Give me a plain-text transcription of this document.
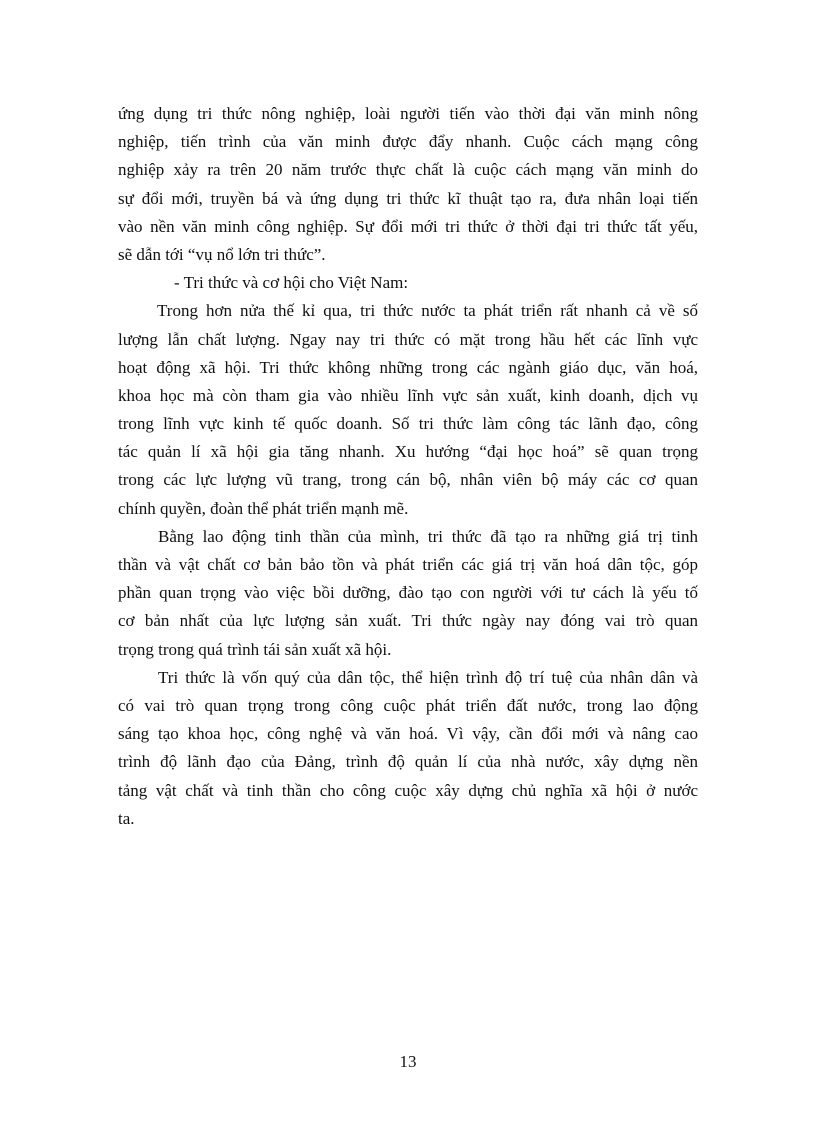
ứng dụng tri thức nông nghiệp, loài người tiến vào thời đại văn minh nông
nghiệp, tiến trình của văn minh được đẩy nhanh. Cuộc cách mạng công
nghiệp xảy ra trên 20 năm trước thực chất là cuộc cách mạng văn minh do
sự đổi mới, truyền bá và ứng dụng tri thức kĩ thuật tạo ra, đưa nhân loại tiến
vào nền văn minh công nghiệp. Sự đổi mới tri thức ở thời đại tri thức tất yếu,
sẽ dẫn tới “vụ nổ lớn tri thức”.
- Tri thức và cơ hội cho Việt Nam:
Trong hơn nửa thế kỉ qua, tri thức nước ta phát triển rất nhanh cả về số
lượng lẫn chất lượng. Ngay nay tri thức có mặt trong hầu hết các lĩnh vực
hoạt động xã hội. Tri thức không những trong các ngành giáo dục, văn hoá,
khoa học mà còn tham gia vào nhiều lĩnh vực sản xuất, kinh doanh, dịch vụ
trong lĩnh vực kinh tế quốc doanh. Số tri thức làm công tác lãnh đạo, công
tác quản lí xã hội gia tăng nhanh. Xu hướng “đại học hoá” sẽ quan trọng
trong các lực lượng vũ trang, trong cán bộ, nhân viên bộ máy các cơ quan
chính quyền, đoàn thể phát triển mạnh mẽ.
Bằng lao động tinh thần của mình, tri thức đã tạo ra những giá trị tinh
thần và vật chất cơ bản bảo tồn và phát triển các giá trị văn hoá dân tộc, góp
phần quan trọng vào việc bồi dưỡng, đào tạo con người với tư cách là yếu tố
cơ bản nhất của lực lượng sản xuất. Tri thức ngày nay đóng vai trò quan
trọng trong quá trình tái sản xuất xã hội.
Tri thức là vốn quý của dân tộc, thể hiện trình độ trí tuệ của nhân dân và
có vai trò quan trọng trong công cuộc phát triển đất nước, trong lao động
sáng tạo khoa học, công nghệ và văn hoá. Vì vậy, cần đổi mới và nâng cao
trình độ lãnh đạo của Đảng, trình độ quản lí của nhà nước, xây dựng nền
tảng vật chất và tinh thần cho công cuộc xây dựng chủ nghĩa xã hội ở nước
ta.
13
